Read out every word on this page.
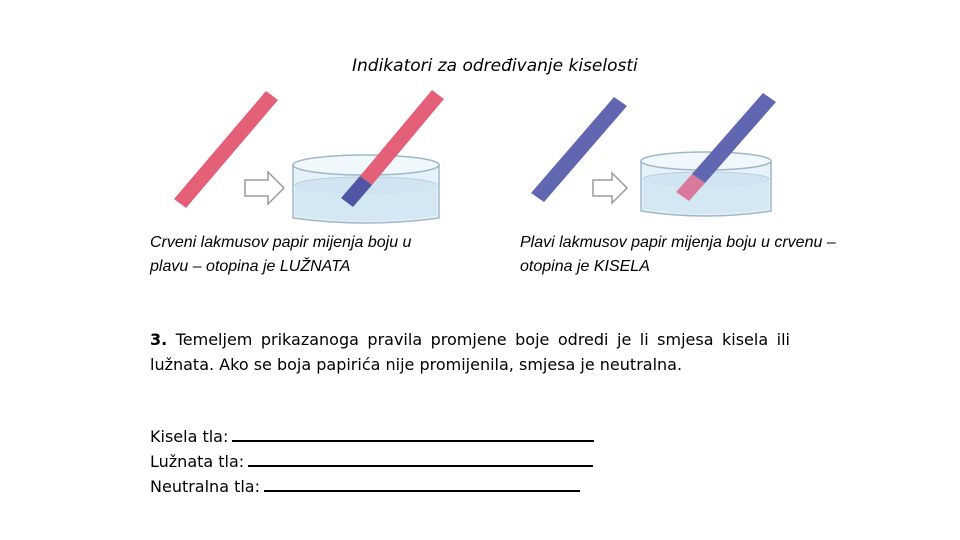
Indikatori za određivanje kiselosti
Crveni lakmusov papir mijenja boju u plavu – otopina je LUŽNATA
Plavi lakmusov papir mijenja boju u crvenu – otopina je KISELA
3. Temeljem prikazanoga pravila promjene boje odredi je li smjesa kisela ili lužnata. Ako se boja papirića nije promijenila, smjesa je neutralna.
Kisela tla:
Lužnata tla:
Neutralna tla:
